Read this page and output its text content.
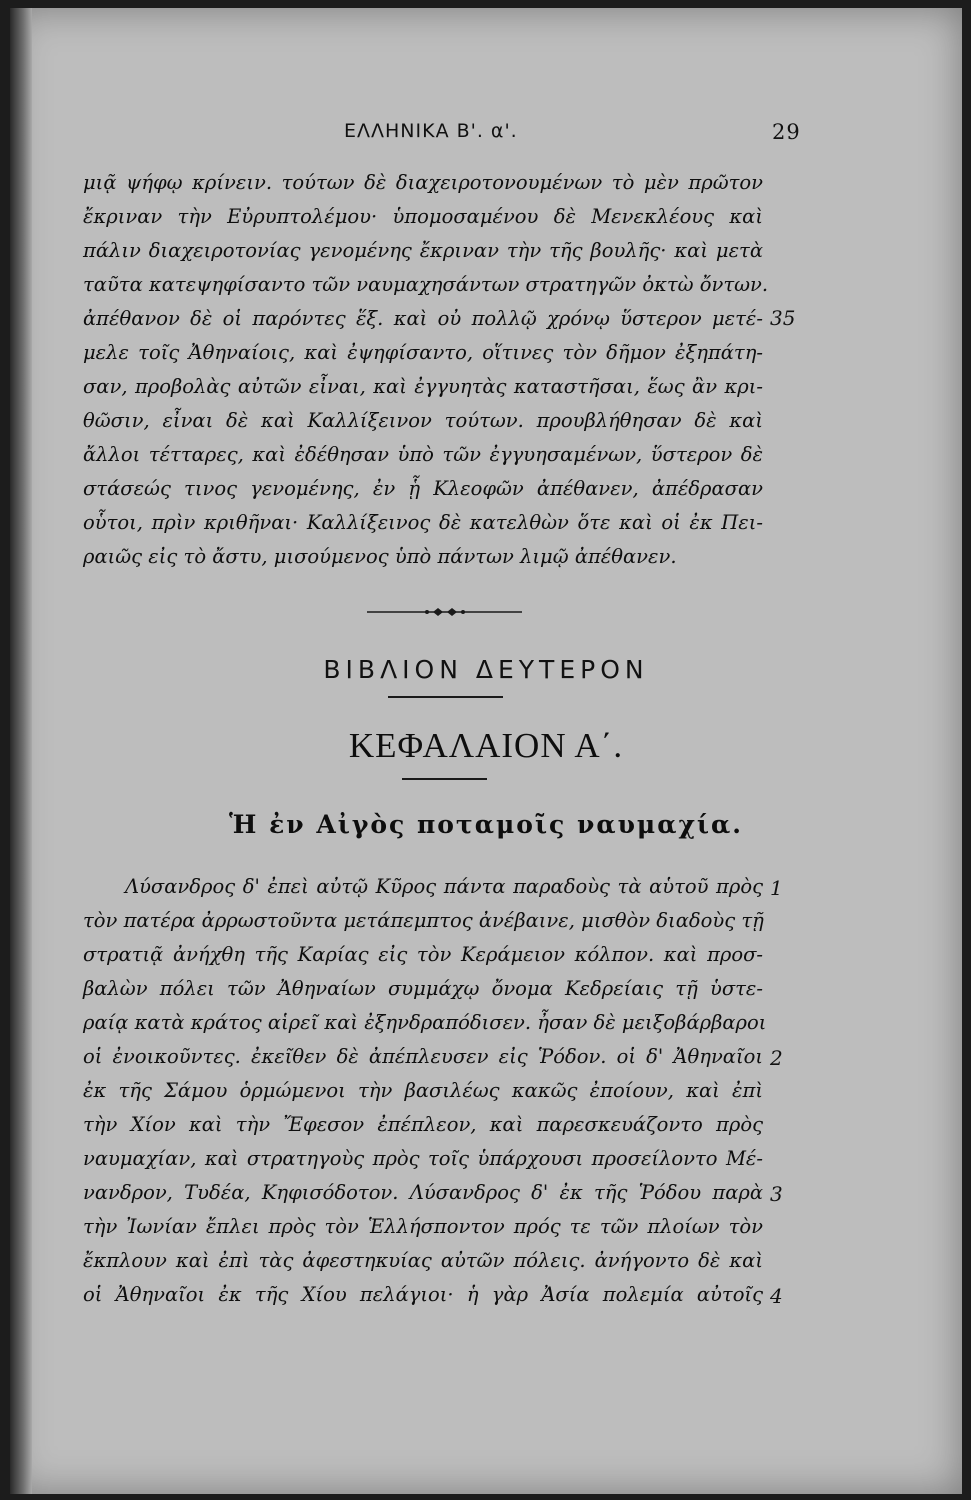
ΕΛΛΗΝΙΚΑ Β'. α'.	29
μιᾷ ψήφῳ κρίνειν. τούτων δὲ διαχειροτονουμένων τὸ μὲν πρῶτον
ἔκριναν τὴν Εὐρυπτολέμου· ὑπομοσαμένου δὲ Μενεκλέους καὶ
πάλιν διαχειροτονίας γενομένης ἔκριναν τὴν τῆς βουλῆς· καὶ μετὰ
ταῦτα κατεψηφίσαντο τῶν ναυμαχησάντων στρατηγῶν ὀκτὼ ὄντων.
ἀπέθανον δὲ οἱ παρόντες ἕξ. καὶ οὐ πολλῷ χρόνῳ ὕστερον μετέ-
μελε τοῖς Ἀθηναίοις, καὶ ἐψηφίσαντο, οἵτινες τὸν δῆμον ἐξηπάτη-
σαν, προβολὰς αὐτῶν εἶναι, καὶ ἐγγυητὰς καταστῆσαι, ἕως ἂν κρι-
θῶσιν, εἶναι δὲ καὶ Καλλίξεινον τούτων. προυβλήθησαν δὲ καὶ
ἄλλοι τέτταρες, καὶ ἐδέθησαν ὑπὸ τῶν ἐγγυησαμένων, ὕστερον δὲ
στάσεώς τινος γενομένης, ἐν ᾗ Κλεοφῶν ἀπέθανεν, ἀπέδρασαν
οὗτοι, πρὶν κριθῆναι· Καλλίξεινος δὲ κατελθὼν ὅτε καὶ οἱ ἐκ Πει-
ραιῶς εἰς τὸ ἄστυ, μισούμενος ὑπὸ πάντων λιμῷ ἀπέθανεν.
35
ΒΙΒΛΙΟΝ ΔΕΥΤΕΡΟΝ
ΚΕΦΑΛΑΙΟΝ Α΄.
Ἡ ἐν Αἰγὸς ποταμοῖς ναυμαχία.
Λύσανδρος δ' ἐπεὶ αὐτῷ Κῦρος πάντα παραδοὺς τὰ αὑτοῦ πρὸς
τὸν πατέρα ἀρρωστοῦντα μετάπεμπτος ἀνέβαινε, μισθὸν διαδοὺς τῇ
στρατιᾷ ἀνήχθη τῆς Καρίας εἰς τὸν Κεράμειον κόλπον. καὶ προσ-
βαλὼν πόλει τῶν Ἀθηναίων συμμάχῳ ὄνομα Κεδρείαις τῇ ὑστε-
ραίᾳ κατὰ κράτος αἱρεῖ καὶ ἐξηνδραπόδισεν. ἦσαν δὲ μειξοβάρβαροι
οἱ ἐνοικοῦντες. ἐκεῖθεν δὲ ἀπέπλευσεν εἰς Ῥόδον. οἱ δ' Ἀθηναῖοι
ἐκ τῆς Σάμου ὁρμώμενοι τὴν βασιλέως κακῶς ἐποίουν, καὶ ἐπὶ
τὴν Χίον καὶ τὴν Ἔφεσον ἐπέπλεον, καὶ παρεσκευάζοντο πρὸς
ναυμαχίαν, καὶ στρατηγοὺς πρὸς τοῖς ὑπάρχουσι προσείλοντο Μέ-
νανδρον, Τυδέα, Κηφισόδοτον. Λύσανδρος δ' ἐκ τῆς Ῥόδου παρὰ
τὴν Ἰωνίαν ἔπλει πρὸς τὸν Ἑλλήσποντον πρός τε τῶν πλοίων τὸν
ἔκπλουν καὶ ἐπὶ τὰς ἀφεστηκυίας αὐτῶν πόλεις. ἀνήγοντο δὲ καὶ
οἱ Ἀθηναῖοι ἐκ τῆς Χίου πελάγιοι· ἡ γὰρ Ἀσία πολεμία αὐτοῖς
1
2
3
4
